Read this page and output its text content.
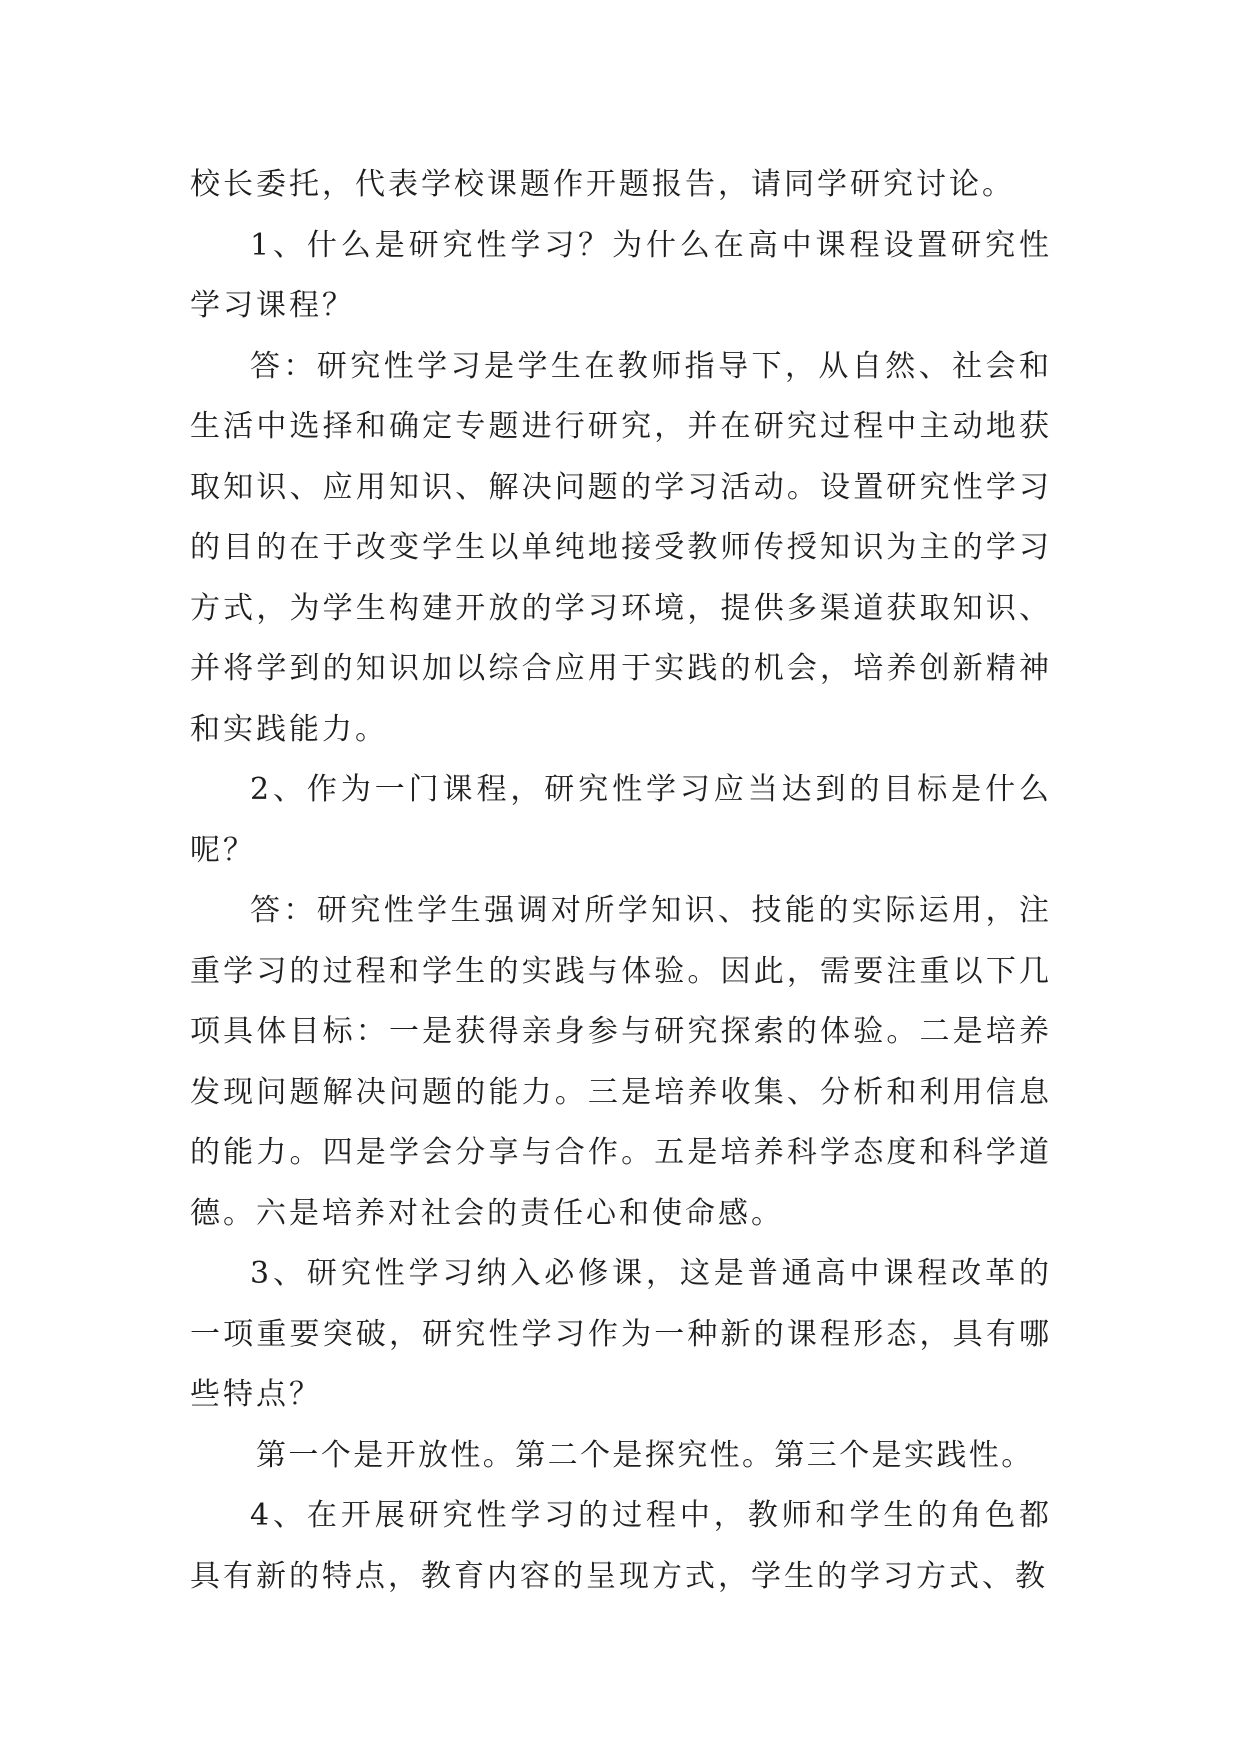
校长委托，代表学校课题作开题报告，请同学研究讨论。

1、什么是研究性学习？为什么在高中课程设置研究性学习课程？

答：研究性学习是学生在教师指导下，从自然、社会和生活中选择和确定专题进行研究，并在研究过程中主动地获取知识、应用知识、解决问题的学习活动。设置研究性学习的目的在于改变学生以单纯地接受教师传授知识为主的学习方式，为学生构建开放的学习环境，提供多渠道获取知识、并将学到的知识加以综合应用于实践的机会，培养创新精神和实践能力。

2、作为一门课程，研究性学习应当达到的目标是什么呢？

答：研究性学生强调对所学知识、技能的实际运用，注重学习的过程和学生的实践与体验。因此，需要注重以下几项具体目标：一是获得亲身参与研究探索的体验。二是培养发现问题解决问题的能力。三是培养收集、分析和利用信息的能力。四是学会分享与合作。五是培养科学态度和科学道德。六是培养对社会的责任心和使命感。

3、研究性学习纳入必修课，这是普通高中课程改革的一项重要突破，研究性学习作为一种新的课程形态，具有哪些特点？

第一个是开放性。第二个是探究性。第三个是实践性。

4、在开展研究性学习的过程中，教师和学生的角色都具有新的特点，教育内容的呈现方式，学生的学习方式、教
